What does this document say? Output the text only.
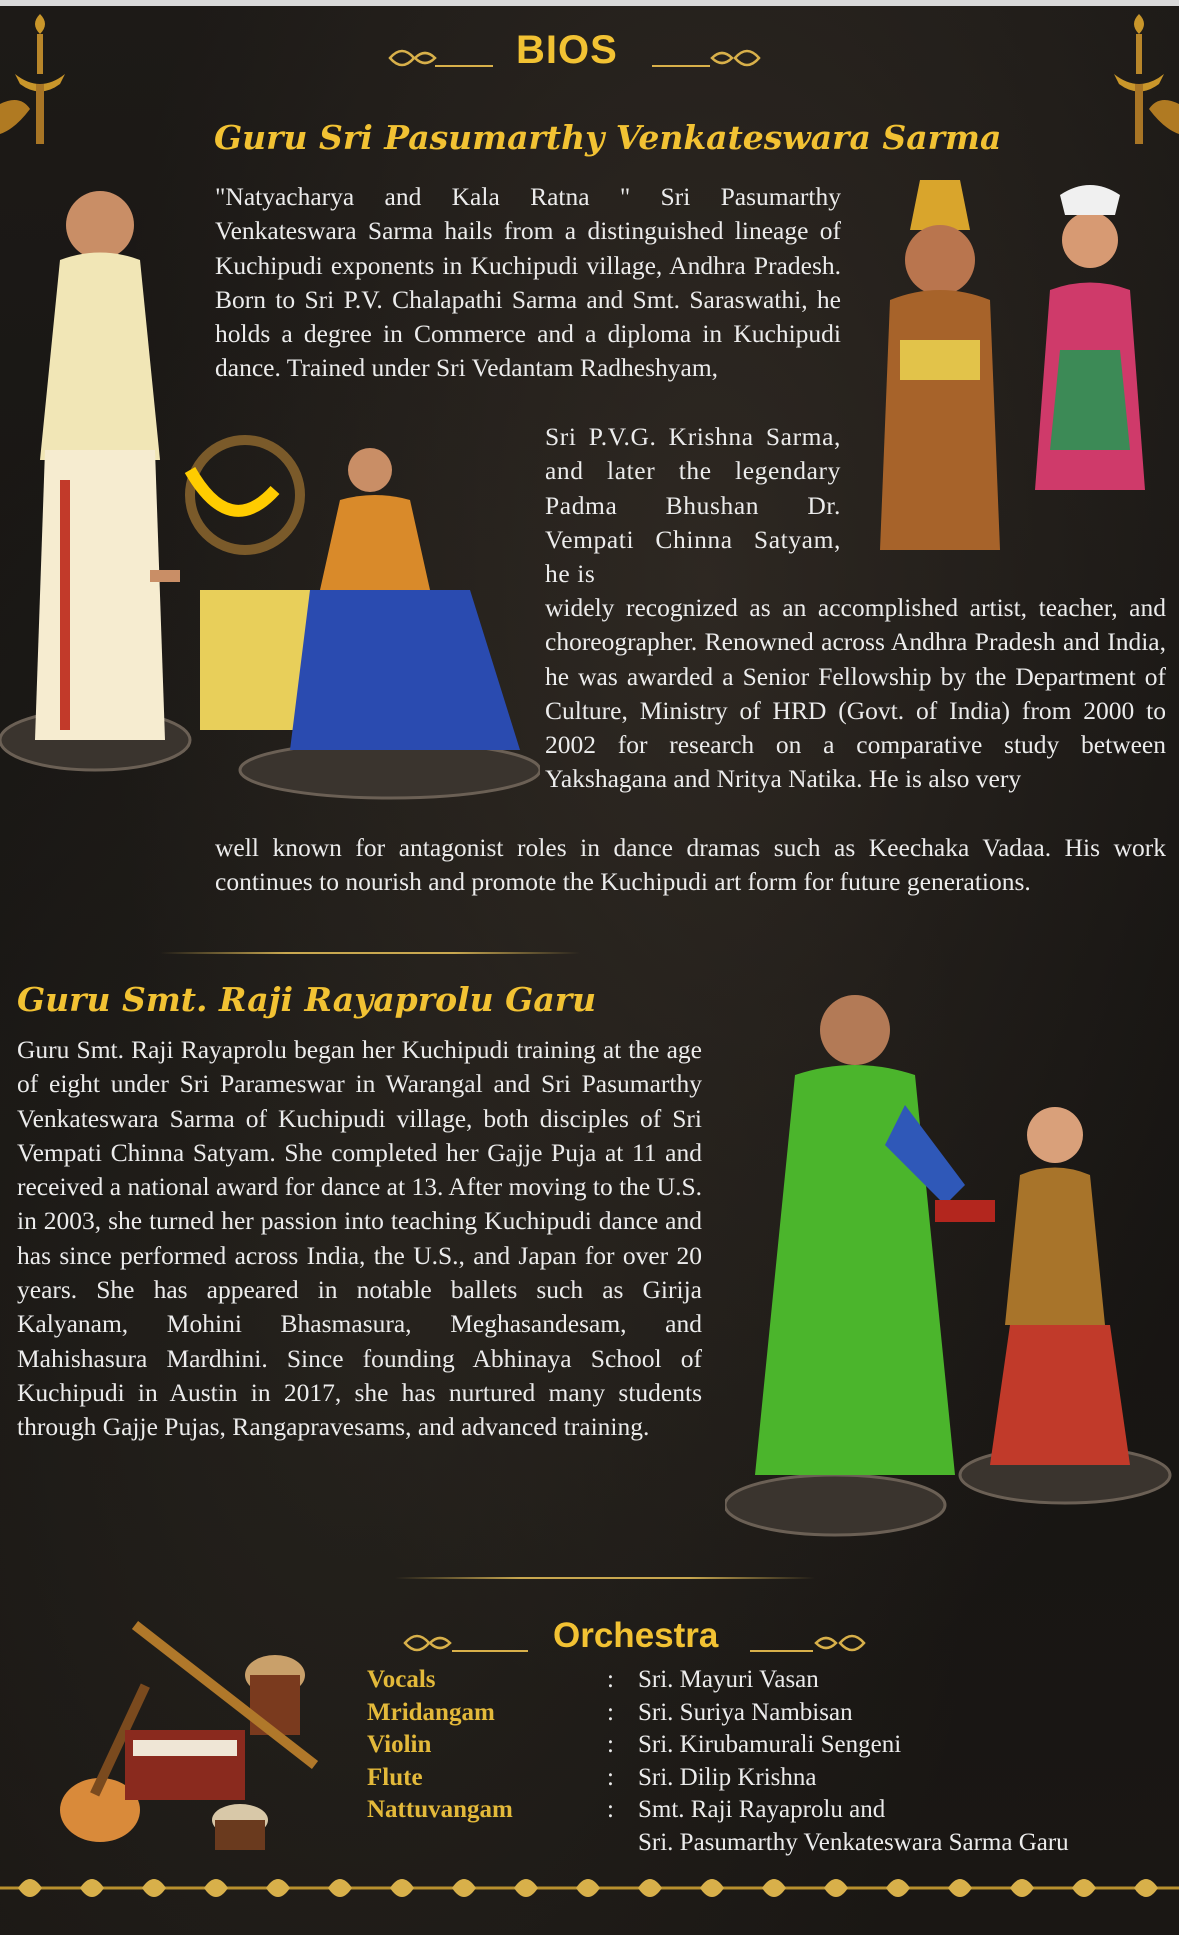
BIOS
Guru Sri Pasumarthy Venkateswara Sarma

"Natyacharya and Kala Ratna " Sri Pasumarthy Venkateswara Sarma hails from a distinguished lineage of Kuchipudi exponents in Kuchipudi village, Andhra Pradesh. Born to Sri P.V. Chalapathi Sarma and Smt. Saraswathi, he holds a degree in Commerce and a diploma in Kuchipudi dance. Trained under Sri Vedantam Radheshyam,

Sri P.V.G. Krishna Sarma, and later the legendary Padma Bhushan Dr. Vempati Chinna Satyam, he is

widely recognized as an accomplished artist, teacher, and choreographer. Renowned across Andhra Pradesh and India, he was awarded a Senior Fellowship by the Department of Culture, Ministry of HRD (Govt. of India) from 2000 to 2002 for research on a comparative study between Yakshagana and Nritya Natika. He is also very

well known for antagonist roles in dance dramas such as Keechaka Vadaa. His work continues to nourish and promote the Kuchipudi art form for future generations.

Guru Smt. Raji Rayaprolu Garu

Guru Smt. Raji Rayaprolu began her Kuchipudi training at the age of eight under Sri Parameswar in Warangal and Sri Pasumarthy Venkateswara Sarma of Kuchipudi village, both disciples of Sri Vempati Chinna Satyam. She completed her Gajje Puja at 11 and received a national award for dance at 13. After moving to the U.S. in 2003, she turned her passion into teaching Kuchipudi dance and has since performed across India, the U.S., and Japan for over 20 years. She has appeared in notable ballets such as Girija Kalyanam, Mohini Bhasmasura, Meghasandesam, and Mahishasura Mardhini. Since founding Abhinaya School of Kuchipudi in Austin in 2017, she has nurtured many students through Gajje Pujas, Rangapravesams, and advanced training.

Orchestra
Vocals	: Sri. Mayuri Vasan
Mridangam	: Sri. Suriya Nambisan
Violin	: Sri. Kirubamurali Sengeni
Flute	: Sri. Dilip Krishna
Nattuvangam	: Smt. Raji Rayaprolu and
Sri. Pasumarthy Venkateswara Sarma Garu
